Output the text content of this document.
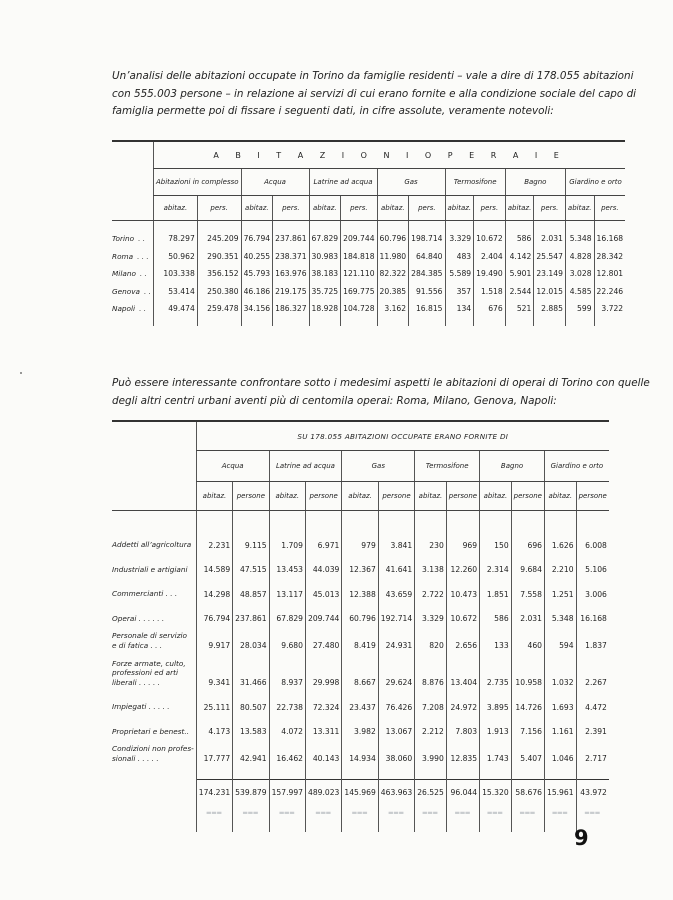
Un’analisi delle abitazioni occupate in Torino da famiglie residenti – vale a dire di 178.055 abitazioni
con 555.003 persone – in relazione ai servizi di cui erano fornite e alla condizione sociale del capo di
famiglia permette poi di fissare i seguenti dati, in cifre assolute, veramente notevoli:

	A B I T A Z I O N I O P E R A I E													
	Abitazioni in complesso		Acqua		Latrine ad acqua		Gas		Termosifone		Bagno		Giardino e orto	
	abitaz.	pers.	abitaz.	pers.	abitaz.	pers.	abitaz.	pers.	abitaz.	pers.	abitaz.	pers.	abitaz.	pers.

Torino . .	78.297	245.209	76.794	237.861	67.829	209.744	60.796	198.714	3.329	10.672	586	2.031	5.348	16.168
Roma . . .	50.962	290.351	40.255	238.371	30.983	184.818	11.980	64.840	483	2.404	4.142	25.547	4.828	28.342
Milano . .	103.338	356.152	45.793	163.976	38.183	121.110	82.322	284.385	5.589	19.490	5.901	23.149	3.028	12.801
Genova . .	53.414	250.380	46.186	219.175	35.725	169.775	20.385	91.556	357	1.518	2.544	12.015	4.585	22.246
Napoli . .	49.474	259.478	34.156	186.327	18.928	104.728	3.162	16.815	134	676	521	2.885	599	3.722

Può essere interessante confrontare sotto i medesimi aspetti le abitazioni di operai di Torino con quelle
degli altri centri urbani aventi più di centomila operai: Roma, Milano, Genova, Napoli:

	SU 178.055 ABITAZIONI OCCUPATE ERANO FORNITE DI											
	Acqua		Latrine ad acqua		Gas		Termosifone		Bagno		Giardino e orto	
	abitaz.	persone	abitaz.	persone	abitaz.	persone	abitaz.	persone	abitaz.	persone	abitaz.	persone

Addetti all’agricoltura	2.231	9.115	1.709	6.971	979	3.841	230	969	150	696	1.626	6.008

Industriali e artigiani	14.589	47.515	13.453	44.039	12.367	41.641	3.138	12.260	2.314	9.684	2.210	5.106

Commercianti . . .	14.298	48.857	13.117	45.013	12.388	43.659	2.722	10.473	1.851	7.558	1.251	3.006

Operai . . . . . .	76.794	237.861	67.829	209.744	60.796	192.714	3.329	10.672	586	2.031	5.348	16.168

Personale di servizio
e di fatica . . .	9.917	28.034	9.680	27.480	8.419	24.931	820	2.656	133	460	594	1.837

Forze armate, culto,
professioni ed arti
liberali . . . . .	9.341	31.466	8.937	29.998	8.667	29.624	8.876	13.404	2.735	10.958	1.032	2.267

Impiegati . . . . .	25.111	80.507	22.738	72.324	23.437	76.426	7.208	24.972	3.895	14.726	1.693	4.472

Proprietari e benest..	4.173	13.583	4.072	13.311	3.982	13.067	2.212	7.803	1.913	7.156	1.161	2.391

Condizioni non profes-
sionali . . . . .	17.777	42.941	16.462	40.143	14.934	38.060	3.990	12.835	1.743	5.407	1.046	2.717

	174.231	539.879	157.997	489.023	145.969	463.963	26.525	96.044	15.320	58.676	15.961	43.972
	═══	═══	═══	═══	═══	═══	═══	═══	═══	═══	═══	═══

9
